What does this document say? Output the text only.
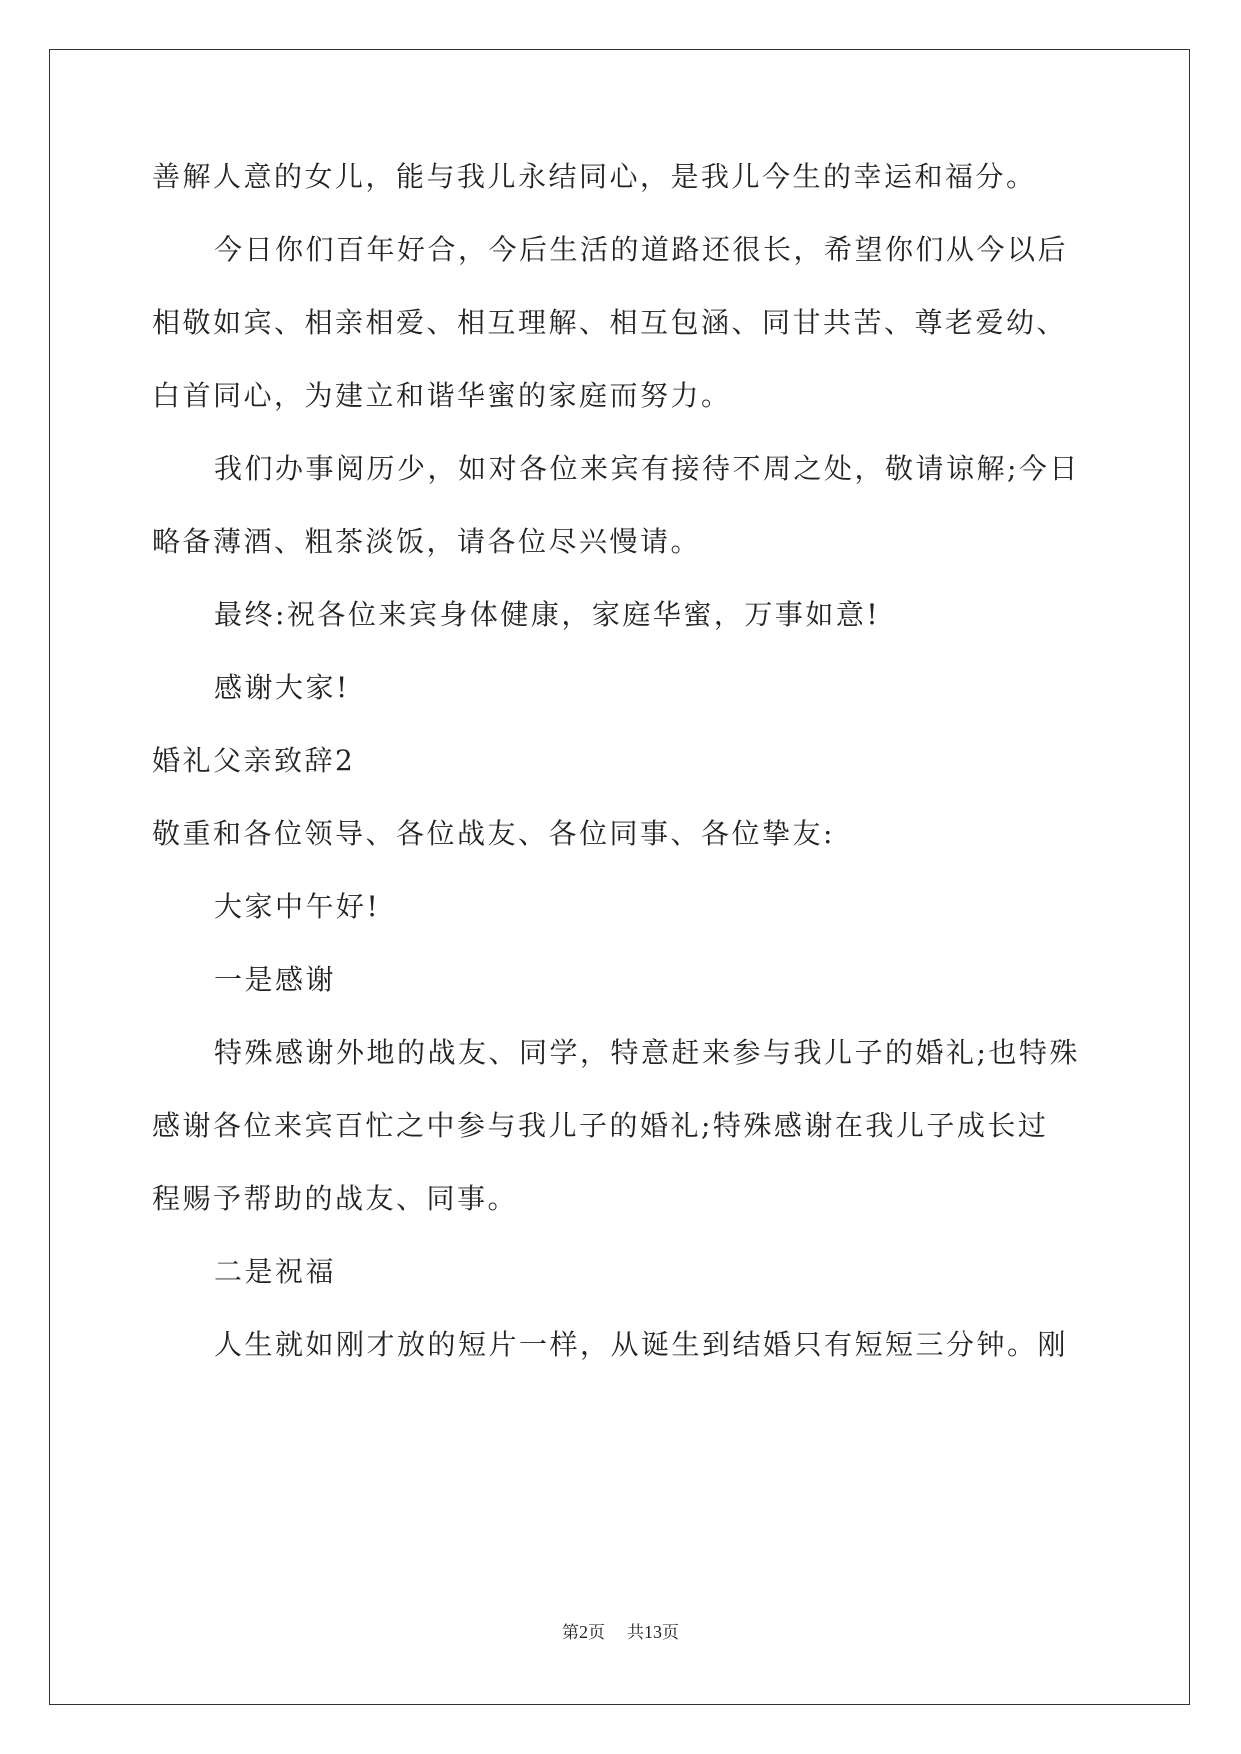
善解人意的女儿，能与我儿永结同心，是我儿今生的幸运和福分。
今日你们百年好合，今后生活的道路还很长，希望你们从今以后
相敬如宾、相亲相爱、相互理解、相互包涵、同甘共苦、尊老爱幼、
白首同心，为建立和谐华蜜的家庭而努力。
我们办事阅历少，如对各位来宾有接待不周之处，敬请谅解;今日
略备薄酒、粗茶淡饭，请各位尽兴慢请。
最终:祝各位来宾身体健康，家庭华蜜，万事如意!
感谢大家!
婚礼父亲致辞2
敬重和各位领导、各位战友、各位同事、各位挚友:
大家中午好!
一是感谢
特殊感谢外地的战友、同学，特意赶来参与我儿子的婚礼;也特殊
感谢各位来宾百忙之中参与我儿子的婚礼;特殊感谢在我儿子成长过
程赐予帮助的战友、同事。
二是祝福
人生就如刚才放的短片一样，从诞生到结婚只有短短三分钟。刚
第2页 共13页
